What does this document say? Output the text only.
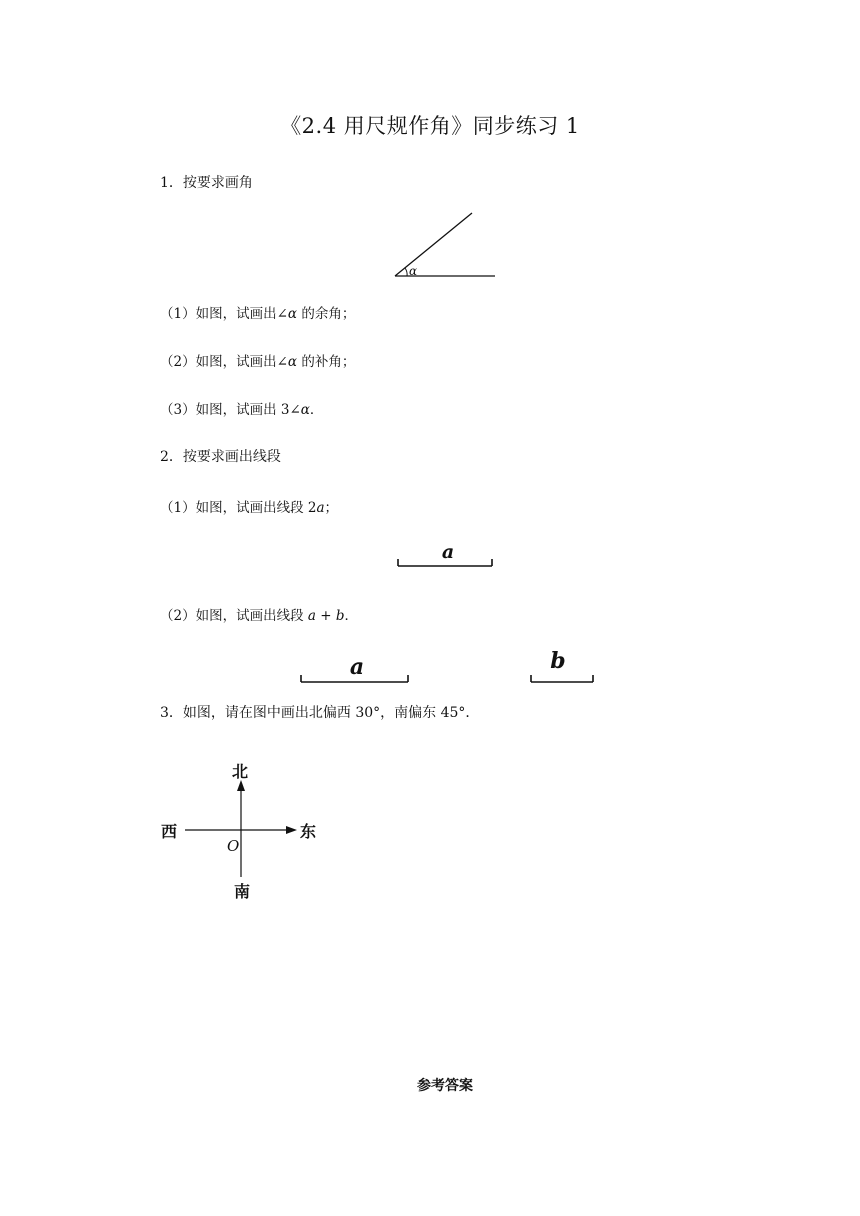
《2.4 用尺规作角》同步练习 1
1．按要求画角
α
（1）如图，试画出∠α 的余角；
（2）如图，试画出∠α 的补角；
（3）如图，试画出 3∠α．
2．按要求画出线段
（1）如图，试画出线段 2a；
a
（2）如图，试画出线段 a + b．
a	b
3．如图，请在图中画出北偏西 30°，南偏东 45°．
北
南
西	东
O
参考答案
